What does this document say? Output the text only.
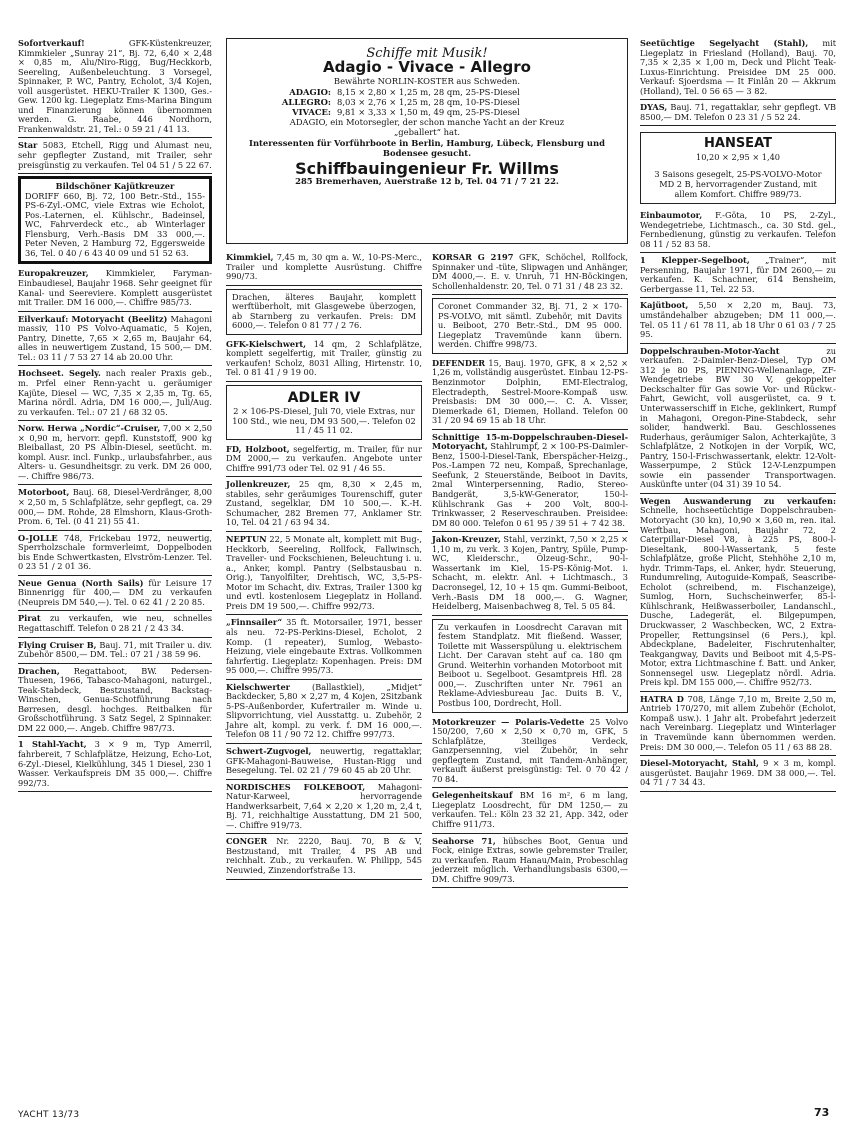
Schiffe mit Musik!
Adagio - Vivace - Allegro
Bewährte NORLIN-KOSTER aus Schweden.
ADAGIO: 8,15 × 2,80 × 1,25 m, 28 qm, 25-PS-Diesel
ALLEGRO: 8,03 × 2,76 × 1,25 m, 28 qm, 10-PS-Diesel
VIVACE: 9,81 × 3,33 × 1,50 m, 49 qm, 25-PS-Diesel
ADAGIO, ein Motorsegler, der schon manche Yacht an der Kreuz
„geballert“ hat.
Interessenten für Vorführboote in Berlin, Hamburg, Lübeck, Flensburg und Bodensee gesucht.
Schiffbauingenieur Fr. Willms
285 Bremerhaven, Auerstraße 12 b, Tel. 04 71 / 7 21 22.
Sofortverkauf! GFK-Küstenkreuzer, Kimmkieler „Sunray 21“, Bj. 72, 6,40 × 2,48 × 0,85 m, Alu/Niro-Rigg, Bug/Heckkorb, Seereling, Außenbeleuchtung. 3 Vorsegel, Spinnaker, P. WC, Pantry, Echolot, 3/4 Kojen, voll ausgerüstet. HEKU-Trailer K 1300, Ges.-Gew. 1200 kg. Liegeplatz Ems-Marina Bingum und Finanzierung können übernommen werden. G. Raabe, 446 Nordhorn, Frankenwaldstr. 21, Tel.: 0 59 21 / 41 13.
Star 5083, Etchell, Rigg und Alumast neu, sehr gepflegter Zustand, mit Trailer, sehr preisgünstig zu verkaufen. Tel 04 51 / 5 22 67.
Bildschöner Kajütkreuzer
DORIFF 660, Bj. 72, 100 Betr.-Std., 155-PS-6-Zyl.-OMC, viele Extras wie Echolot, Pos.-Laternen, el. Kühlschr., Badeinsel, WC, Fahrverdeck etc., ab Winterlager Flensburg, Verh.-Basis DM 33 000,—. Peter Neven, 2 Hamburg 72, Eggersweide 36, Tel. 0 40 / 6 43 40 09 und 51 52 63.
Europakreuzer, Kimmkieler, Faryman-Einbaudiesel, Baujahr 1968. Sehr geeignet für Kanal- und Seereviere. Komplett ausgerüstet mit Trailer. DM 16 000,—. Chiffre 985/73.
Eilverkauf: Motoryacht (Beelitz) Mahagoni massiv, 110 PS Volvo-Aquamatic, 5 Kojen, Pantry, Dinette, 7,65 × 2,65 m, Baujahr 64, alles in neuwertigem Zustand, 15 500,— DM. Tel.: 03 11 / 7 53 27 14 ab 20.00 Uhr.
Hochseet. Segely. nach realer Praxis geb., m. Prfel einer Renn-yacht u. geräumiger Kajüte, Diesel — WC, 7,35 × 2,35 m, Tg. 65, Marina nördl. Adria, DM 16 000,—, Juli/Aug. zu verkaufen. Tel.: 07 21 / 68 32 05.
Norw. Herwa „Nordic“-Cruiser, 7,00 × 2,50 × 0,90 m, hervorr. gepfl. Kunststoff, 900 kg Bleiballast, 20 PS Albin-Diesel, seetücht. m. kompl. Ausr. incl. Funkp., urlaubsfahrber., aus Alters- u. Gesundheitsgr. zu verk. DM 26 000,—. Chiffre 986/73.
Motorboot, Bauj. 68, Diesel-Verdränger, 8,00 × 2,50 m, 5 Schlafplätze, sehr gepflegt, ca. 29 000,— DM. Rohde, 28 Elmshorn, Klaus-Groth-Prom. 6, Tel. (0 41 21) 55 41.
O-JOLLE 748, Frickebau 1972, neuwertig, Sperrholzschale formverleimt, Doppelboden bis Ende Schwertkasten, Elvström-Lenzer. Tel. 0 23 51 / 2 01 36.
Neue Genua (North Sails) für Leisure 17 Binnenrigg für 400,— DM zu verkaufen (Neupreis DM 540,—). Tel. 0 62 41 / 2 20 85.
Pirat zu verkaufen, wie neu, schnelles Regattaschiff. Telefon 0 28 21 / 2 43 34.
Flying Cruiser B, Bauj. 71, mit Trailer u. div. Zubehör 8500,— DM. Tel.: 07 21 / 38 59 96.
Drachen, Regattaboot, BW. Pedersen-Thuesen, 1966, Tabasco-Mahagoni, naturgel., Teak-Stabdeck, Bestzustand, Backstag-Winschen, Genua-Schotführung nach Børresen, desgl. hochges. Reitbalken für Großschotführung. 3 Satz Segel, 2 Spinnaker. DM 22 000,—. Angeb. Chiffre 987/73.
1 Stahl-Yacht, 3 × 9 m, Typ Amerril, fahrbereit, 7 Schlafplätze, Heizung, Echo-Lot, 6-Zyl.-Diesel, Kielkühlung, 345 1 Diesel, 230 1 Wasser. Verkaufspreis DM 35 000,—. Chiffre 992/73.
Kimmkiel, 7,45 m, 30 qm a. W., 10-PS-Merc., Trailer und komplette Ausrüstung. Chiffre 990/73.
Drachen, älteres Baujahr, komplett werftüberholt, mit Glasgewebe überzogen, ab Starnberg zu verkaufen. Preis: DM 6000,—. Telefon 0 81 77 / 2 76.
GFK-Kielschwert, 14 qm, 2 Schlafplätze, komplett segelfertig, mit Trailer, günstig zu verkaufen! Scholz, 8031 Alling, Hirtenstr. 10, Tel. 0 81 41 / 9 19 00.
ADLER IV
2 × 106-PS-Diesel, Juli 70, viele Extras, nur 100 Std., wie neu, DM 93 500,—. Telefon 02 11 / 45 11 02.
FD, Holzboot, segelfertig, m. Trailer, für nur DM 2000,— zu verkaufen. Angebote unter Chiffre 991/73 oder Tel. 02 91 / 46 55.
Jollenkreuzer, 25 qm, 8,30 × 2,45 m, stabiles, sehr geräumiges Tourenschiff, guter Zustand, segelklar, DM 10 500,—. K.-H. Schumacher, 282 Bremen 77, Anklamer Str. 10, Tel. 04 21 / 63 94 34.
NEPTUN 22, 5 Monate alt, komplett mit Bug-, Heckkorb, Seereling, Rollfock, Fallwinsch, Traveller- und Fockschienen, Beleuchtung i. u. a., Anker, kompl. Pantry (Selbstausbau n. Orig.), Tanyolfilter, Drehtisch, WC, 3,5-PS-Motor im Schacht, div. Extras, Trailer 1300 kg und evtl. kostenlosem Liegeplatz in Holland. Preis DM 19 500,—. Chiffre 992/73.
„Finnsailer“ 35 ft. Motorsailer, 1971, besser als neu. 72-PS-Perkins-Diesel, Echolot, 2 Komp. (1 repeater), Sumlog, Webasto-Heizung, viele eingebaute Extras. Vollkommen fahrfertig. Liegeplatz: Kopenhagen. Preis: DM 95 000,—. Chiffre 995/73.
Kielschwerter (Ballastkiel), „Midjet“ Backdecker, 5,80 × 2,27 m, 4 Kojen, 2Sitzbank 5-PS-Außenborder, Kufertrailer m. Winde u. Slipvorrichtung, viel Ausstattg. u. Zubehör, 2 Jahre alt, kompl. zu verk. f. DM 16 000,—. Telefon 08 11 / 90 72 12. Chiffre 997/73.
Schwert-Zugvogel, neuwertig, regattaklar, GFK-Mahagoni-Bauweise, Hustan-Rigg und Besegelung. Tel. 02 21 / 79 60 45 ab 20 Uhr.
NORDISCHES FOLKEBOOT, Mahagoni-Natur-Karweel, hervorragende Handwerksarbeit, 7,64 × 2,20 × 1,20 m, 2,4 t, Bj. 71, reichhaltige Ausstattung, DM 21 500,—. Chiffre 919/73.
CONGER Nr. 2220, Bauj. 70, B & V, Bestzustand, mit Trailer, 4 PS AB und reichhalt. Zub., zu verkaufen. W. Philipp, 545 Neuwied, Zinzendorfstraße 13.
KORSAR G 2197 GFK, Schöchel, Rollfock, Spinnaker und -tüte, Slipwagen und Anhänger, DM 4000,—. E. v. Unruh, 71 HN-Böckingen, Schollenhaldenstr. 20, Tel. 0 71 31 / 48 23 32.
Coronet Commander 32, Bj. 71, 2 × 170-PS-VOLVO, mit sämtl. Zubehör, mit Davits u. Beiboot, 270 Betr.-Std., DM 95 000. Liegeplatz Travemünde kann übern. werden. Chiffre 998/73.
DEFENDER 15, Bauj. 1970, GFK, 8 × 2,52 × 1,26 m, vollständig ausgerüstet. Einbau 12-PS-Benzinmotor Dolphin, EMI-Electralog, Electradepth, Sestrel-Moore-Kompaß usw. Preisbasis: DM 30 000,—. C. A. Visser, Diemerkade 61, Diemen, Holland. Telefon 00 31 / 20 94 69 15 ab 18 Uhr.
Schnittige 15-m-Doppelschrauben-Diesel-Motoryacht, Stahlrumpf, 2 × 100-PS-Daimler-Benz, 1500-l-Diesel-Tank, Eberspächer-Heizg., Pos.-Lampen 72 neu, Kompaß, Sprechanlage, Seefunk, 2 Steuerstände, Beiboot in Davits, 2mal Winterpersenning, Radio, Stereo-Bandgerät, 3,5-kW-Generator, 150-l-Kühlschrank Gas + 200 Volt, 800-l-Trinkwasser, 2 Reserveschrauben. Preisidee: DM 80 000. Telefon 0 61 95 / 39 51 + 7 42 38.
Jakon-Kreuzer, Stahl, verzinkt, 7,50 × 2,25 × 1,10 m, zu verk. 3 Kojen, Pantry, Spüle, Pump-WC, Kleiderschr., Ölzeug-Schr., 90-l-Wassertank im Kiel, 15-PS-König-Mot. i. Schacht, m. elektr. Anl. + Lichtmasch., 3 Dacronsegel, 12, 10 + 15 qm. Gummi-Beiboot, Verh.-Basis DM 18 000,—. G. Wagner, Heidelberg, Maisenbachweg 8, Tel. 5 05 84.
Zu verkaufen in Loosdrecht Caravan mit festem Standplatz. Mit fließend. Wasser, Toilette mit Wasserspülung u. elektrischem Licht. Der Caravan steht auf ca. 180 qm Grund. Weiterhin vorhanden Motorboot mit Beiboot u. Segelboot. Gesamtpreis Hfl. 28 000,—. Zuschriften unter Nr. 7961 an Reklame-Adviesbureau Jac. Duits B. V., Postbus 100, Dordrecht, Holl.
Motorkreuzer — Polaris-Vedette 25 Volvo 150/200, 7,60 × 2,50 × 0,70 m, GFK, 5 Schlafplätze, 3teiliges Verdeck, Ganzpersenning, viel Zubehör, in sehr gepflegtem Zustand, mit Tandem-Anhänger, verkauft äußerst preisgünstig: Tel. 0 70 42 / 70 84.
Gelegenheitskauf BM 16 m², 6 m lang, Liegeplatz Loosdrecht, für DM 1250,— zu verkaufen. Tel.: Köln 23 32 21, App. 342, oder Chiffre 911/73.
Seahorse 71, hübsches Boot, Genua und Fock, einige Extras, sowie gebremster Trailer, zu verkaufen. Raum Hanau/Main, Probeschlag jederzeit möglich. Verhandlungsbasis 6300,— DM. Chiffre 909/73.
Seetüchtige Segelyacht (Stahl), mit Liegeplatz in Friesland (Holland), Bauj. 70, 7,35 × 2,35 × 1,00 m, Deck und Plicht Teak-Luxus-Einrichtung. Preisidee DM 25 000. Verkauf: Sjoerdsma — It Finlân 20 — Akkrum (Holland), Tel. 0 56 65 — 3 82.
DYAS, Bauj. 71, regattaklar, sehr gepflegt. VB 8500,— DM. Telefon 0 23 31 / 5 52 24.
HANSEAT
10,20 × 2,95 × 1,40
3 Saisons gesegelt, 25-PS-VOLVO-Motor MD 2 B, hervorragender Zustand, mit allem Komfort. Chiffre 989/73.
Einbaumotor, F.-Göta, 10 PS, 2-Zyl., Wendegetriebe, Lichtmasch., ca. 30 Std. gel., Fernbedienung, günstig zu verkaufen. Telefon 08 11 / 52 83 58.
1 Klepper-Segelboot, „Trainer“, mit Persenning, Baujahr 1971, für DM 2600,— zu verkaufen. K. Schachner, 614 Bensheim, Gerbergasse 11, Tel. 22 53.
Kajütboot, 5,50 × 2,20 m, Bauj. 73, umständehalber abzugeben; DM 11 000,—. Tel. 05 11 / 61 78 11, ab 18 Uhr 0 61 03 / 7 25 95.
Doppelschrauben-Motor-Yacht zu verkaufen. 2-Daimler-Benz-Diesel, Typ OM 312 je 80 PS, PIENING-Wellenanlage, ZF-Wendegetriebe BW 30 V, gekoppelter Deckschalter für Gas sowie Vor- und Rückw.-Fahrt, Gewicht, voll ausgerüstet, ca. 9 t. Unterwasserschiff in Eiche, geklinkert, Rumpf in Mahagoni, Oregon-Pine-Stabdeck, sehr solider, handwerkl. Bau. Geschlossenes Ruderhaus, geräumiger Salon, Achterkajüte, 3 Schlafplätze, 2 Notkojen in der Vorpik, WC, Pantry, 150-l-Frischwassertank, elektr. 12-Volt-Wasserpumpe, 2 Stück 12-V-Lenzpumpen sowie ein passender Transportwagen. Auskünfte unter (04 31) 39 10 54.
Wegen Auswanderung zu verkaufen: Schnelle, hochseetüchtige Doppelschrauben-Motoryacht (30 kn), 10,90 × 3,60 m, ren. ital. Werftbau, Mahagoni, Baujahr 72, 2 Caterpillar-Diesel V8, à 225 PS, 800-l-Dieseltank, 800-l-Wassertank, 5 feste Schlafplätze, große Plicht, Stehhöhe 2,10 m, hydr. Trimm-Taps, el. Anker, hydr. Steuerung, Rundumreling, Autoguide-Kompaß, Seascribe-Echolot (schreibend, m. Fischanzeige), Sumlog, Horn, Suchscheinwerfer, 85-l-Kühlschrank, Heißwasserboiler, Landanschl., Dusche, Ladegerät, el. Bilgepumpen, Druckwasser, 2 Waschbecken, WC, 2 Extra-Propeller, Rettungsinsel (6 Pers.), kpl. Abdeckplane, Badeleiter, Fischrutenhalter, Teakgangway, Davits und Beiboot mit 4,5-PS-Motor, extra Lichtmaschine f. Batt. und Anker, Sonnensegel usw. Liegeplatz nördl. Adria. Preis kpl. DM 155 000,—. Chiffre 952/73.
HATRA D 708, Länge 7,10 m, Breite 2,50 m, Antrieb 170/270, mit allem Zubehör (Echolot, Kompaß usw.). 1 Jahr alt. Probefahrt jederzeit nach Vereinbarg. Liegeplatz und Winterlager in Travemünde kann übernommen werden. Preis: DM 30 000,—. Telefon 05 11 / 63 88 28.
Diesel-Motoryacht, Stahl, 9 × 3 m, kompl. ausgerüstet. Baujahr 1969. DM 38 000,—. Tel. 04 71 / 7 34 43.
YACHT 13/73	73
